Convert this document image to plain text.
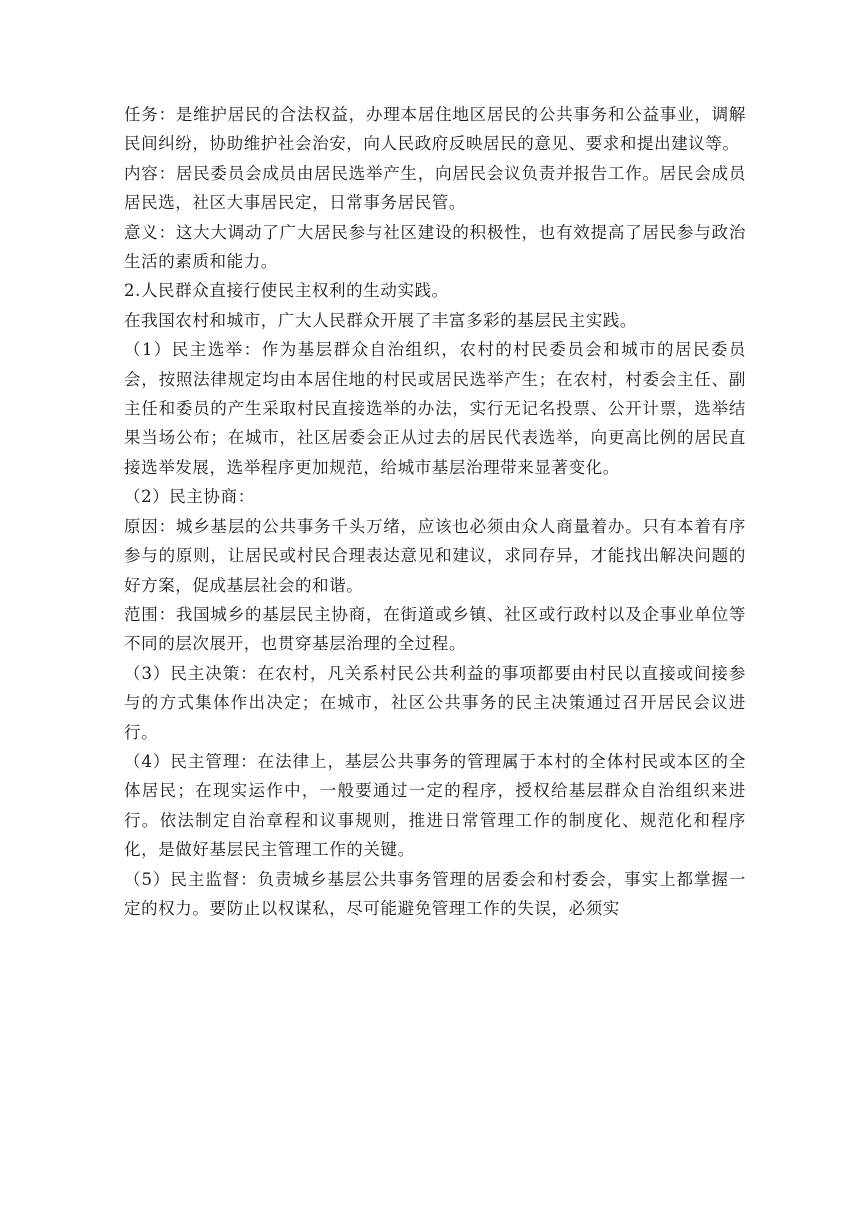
任务：是维护居民的合法权益，办理本居住地区居民的公共事务和公益事业，调解民间纠纷，协助维护社会治安，向人民政府反映居民的意见、要求和提出建议等。

内容：居民委员会成员由居民选举产生，向居民会议负责并报告工作。居民会成员居民选，社区大事居民定，日常事务居民管。

意义：这大大调动了广大居民参与社区建设的积极性，也有效提高了居民参与政治生活的素质和能力。

2.人民群众直接行使民主权利的生动实践。

在我国农村和城市，广大人民群众开展了丰富多彩的基层民主实践。

（1）民主选举：作为基层群众自治组织，农村的村民委员会和城市的居民委员会，按照法律规定均由本居住地的村民或居民选举产生；在农村，村委会主任、副主任和委员的产生采取村民直接选举的办法，实行无记名投票、公开计票，选举结果当场公布；在城市，社区居委会正从过去的居民代表选举，向更高比例的居民直接选举发展，选举程序更加规范，给城市基层治理带来显著变化。

（2）民主协商：

原因：城乡基层的公共事务千头万绪，应该也必须由众人商量着办。只有本着有序参与的原则，让居民或村民合理表达意见和建议，求同存异，才能找出解决问题的好方案，促成基层社会的和谐。

范围：我国城乡的基层民主协商，在街道或乡镇、社区或行政村以及企事业单位等不同的层次展开，也贯穿基层治理的全过程。

（3）民主决策：在农村，凡关系村民公共利益的事项都要由村民以直接或间接参与的方式集体作出决定；在城市，社区公共事务的民主决策通过召开居民会议进行。

（4）民主管理：在法律上，基层公共事务的管理属于本村的全体村民或本区的全体居民；在现实运作中，一般要通过一定的程序，授权给基层群众自治组织来进行。依法制定自治章程和议事规则，推进日常管理工作的制度化、规范化和程序化，是做好基层民主管理工作的关键。

（5）民主监督：负责城乡基层公共事务管理的居委会和村委会，事实上都掌握一定的权力。要防止以权谋私，尽可能避免管理工作的失误，必须实
